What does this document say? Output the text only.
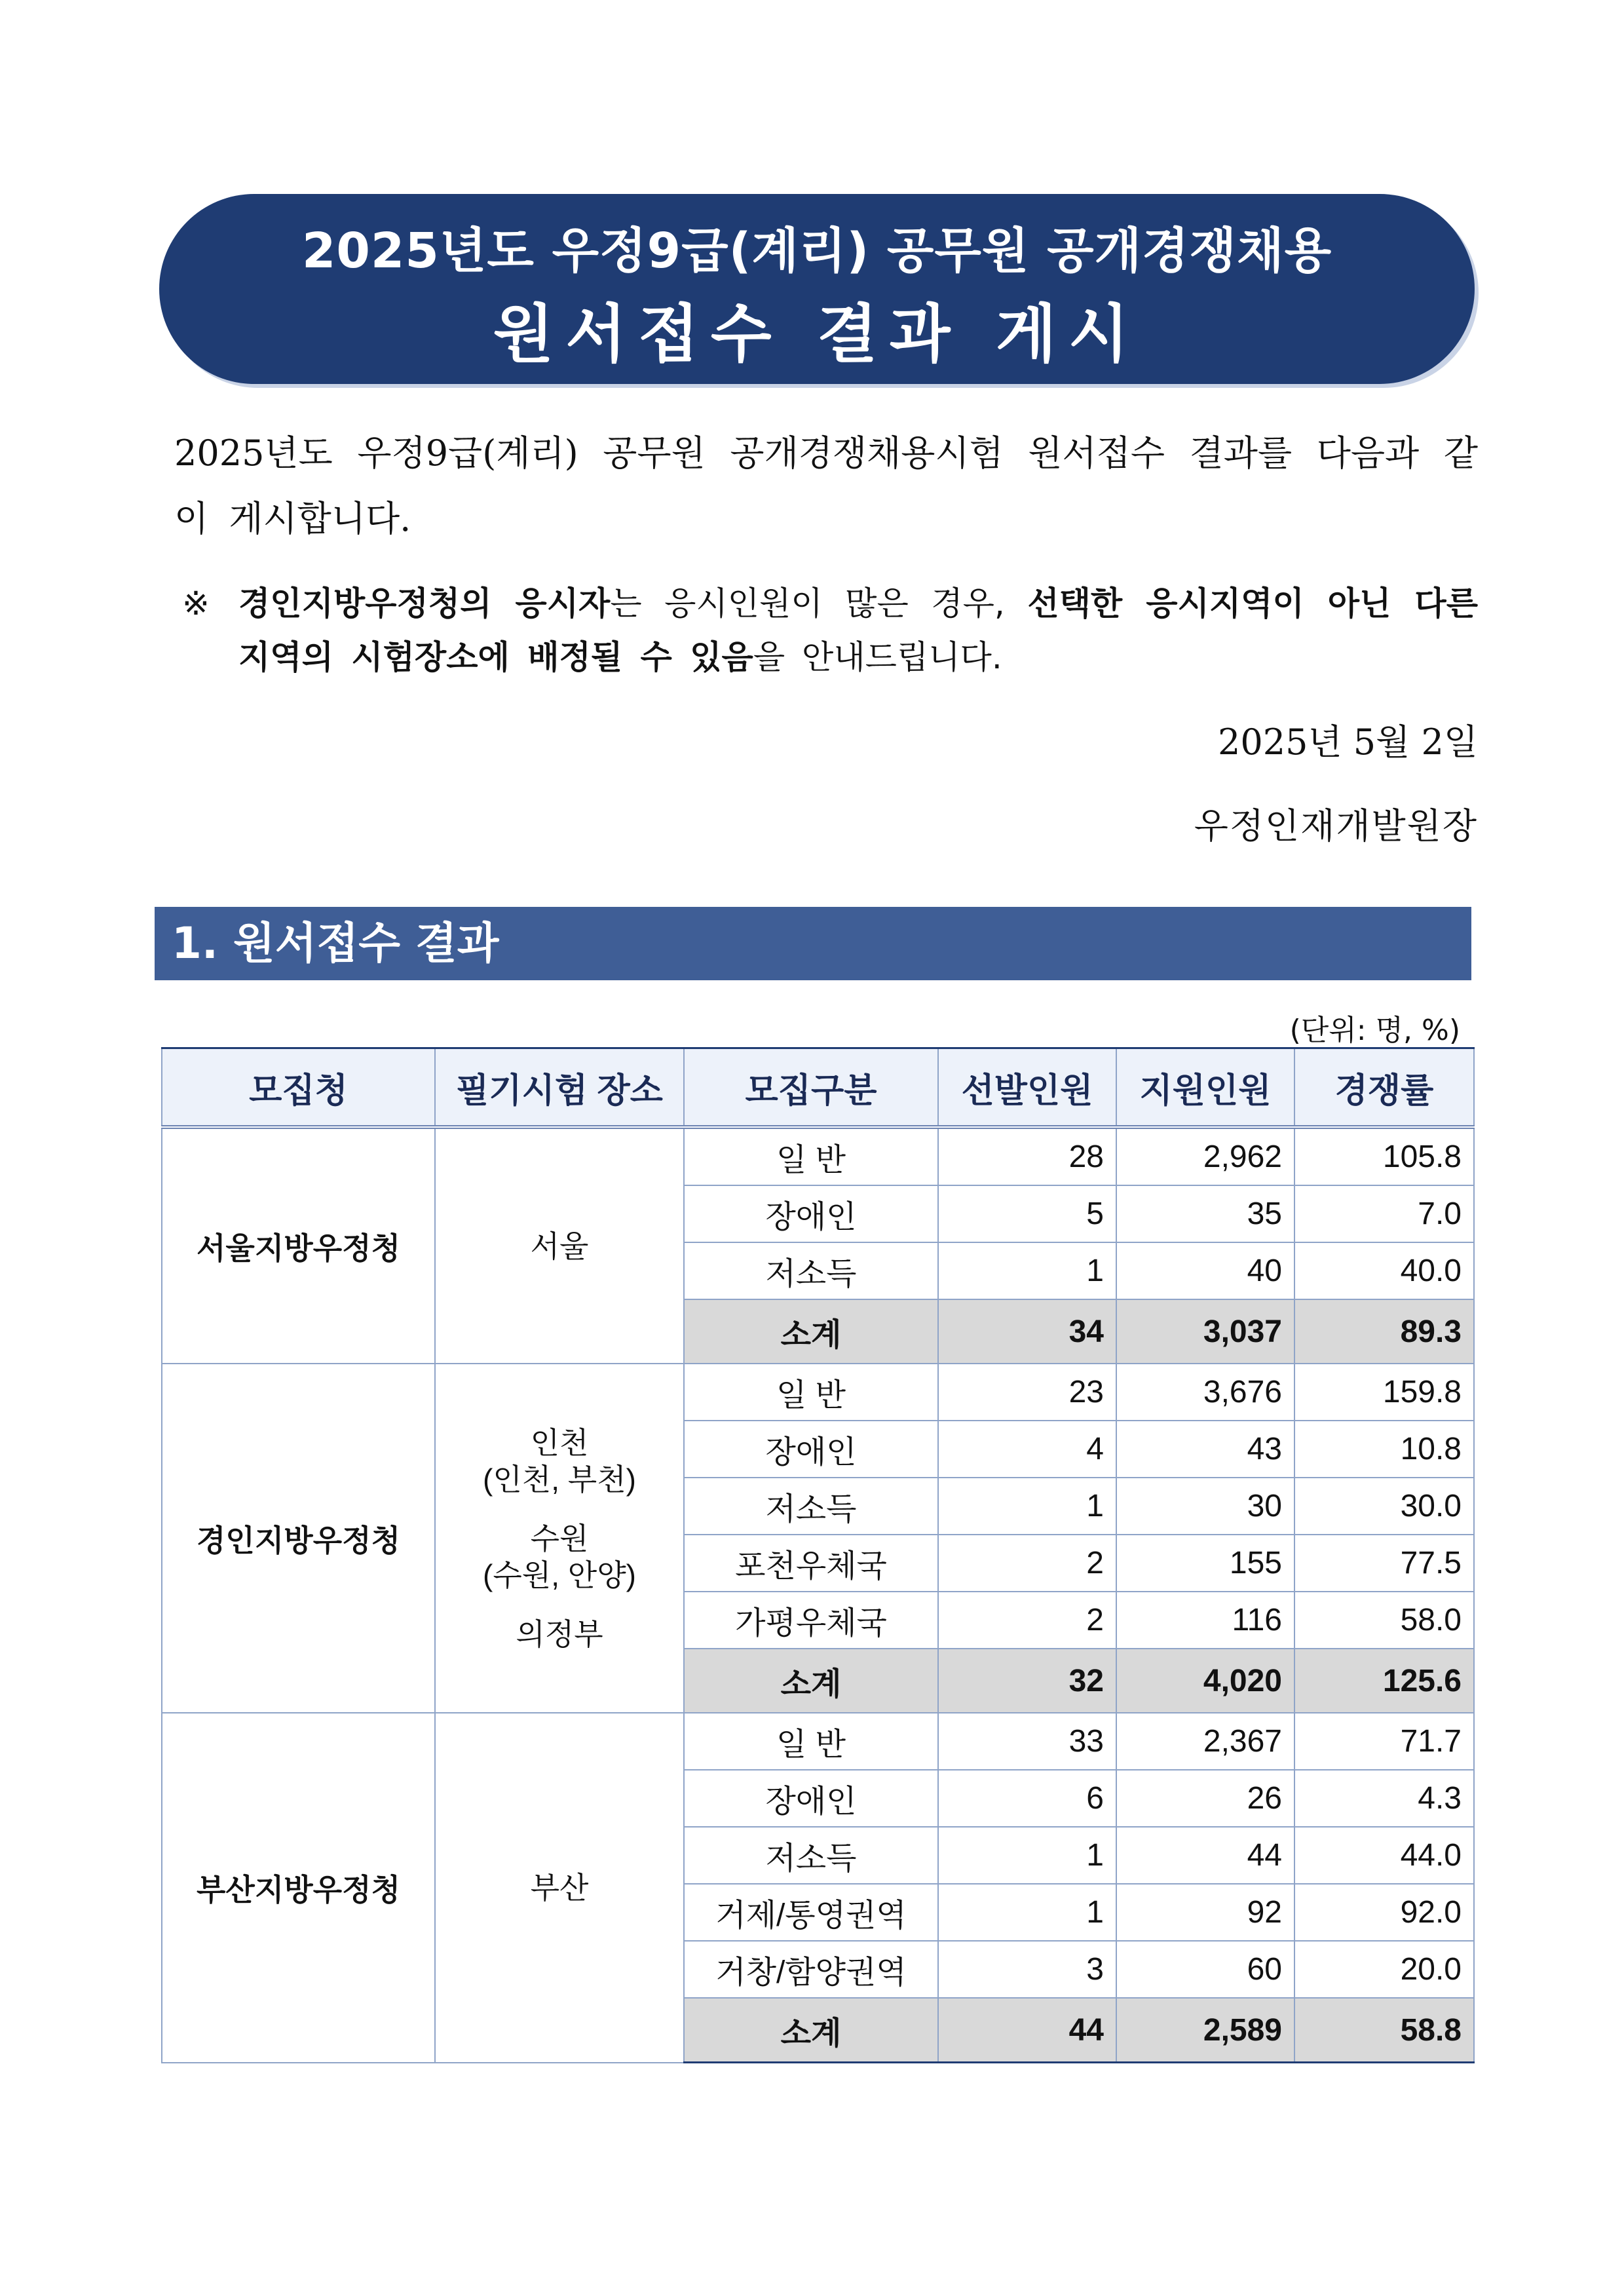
2025년도 우정9급(계리) 공무원 공개경쟁채용
원서접수 결과 게시
2025년도 우정9급(계리) 공무원 공개경쟁채용시험 원서접수 결과를 다음과 같이 게시합니다.
※ 경인지방우정청의 응시자는 응시인원이 많은 경우, 선택한 응시지역이 아닌 다른 지역의 시험장소에 배정될 수 있음을 안내드립니다.
2025년 5월 2일
우정인재개발원장
1. 원서접수 결과
(단위: 명, %)
모집청	필기시험 장소	모집구분	선발인원	지원인원	경쟁률
서울지방우정청	서울	일 반	28	2,962	105.8
		장애인	5	35	7.0
		저소득	1	40	40.0
		소계	34	3,037	89.3
경인지방우정청	인천
(인천, 부천)
수원
(수원, 안양)
의정부	일 반	23	3,676	159.8
		장애인	4	43	10.8
		저소득	1	30	30.0
		포천우체국	2	155	77.5
		가평우체국	2	116	58.0
		소계	32	4,020	125.6
부산지방우정청	부산	일 반	33	2,367	71.7
		장애인	6	26	4.3
		저소득	1	44	44.0
		거제/통영권역	1	92	92.0
		거창/함양권역	3	60	20.0
		소계	44	2,589	58.8
